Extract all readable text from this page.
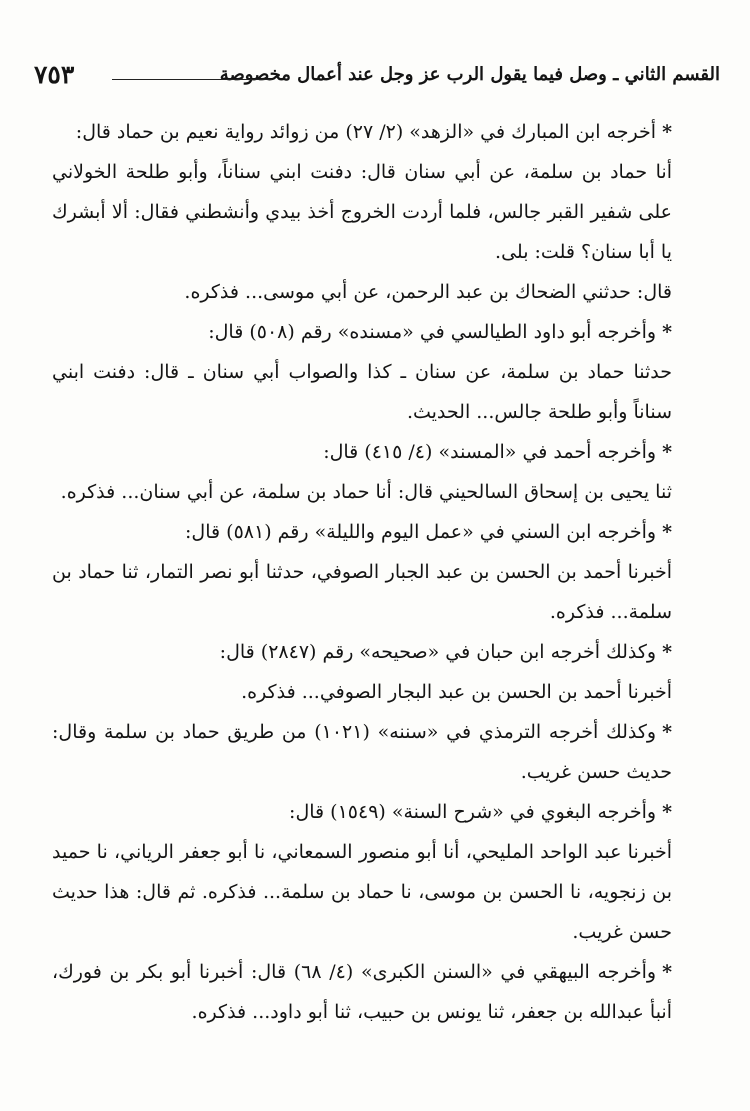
القسم الثاني ـ وصل فيما يقول الرب عز وجل عند أعمال مخصوصة
٧٥٣

*أخرجه ابن المبارك في «الزهد» (٢/ ٢٧) من زوائد رواية نعيم بن حماد قال:

أنا حماد بن سلمة، عن أبي سنان قال: دفنت ابني سناناً، وأبو طلحة الخولاني على شفير القبر جالس، فلما أردت الخروج أخذ بيدي وأنشطني فقال: ألا أبشرك يا أبا سنان؟ قلت: بلى.

قال: حدثني الضحاك بن عبد الرحمن، عن أبي موسى... فذكره.

*وأخرجه أبو داود الطيالسي في «مسنده» رقم (٥٠٨) قال:

حدثنا حماد بن سلمة، عن سنان ـ كذا والصواب أبي سنان ـ قال: دفنت ابني سناناً وأبو طلحة جالس... الحديث.

*وأخرجه أحمد في «المسند» (٤/ ٤١٥) قال:

ثنا يحيى بن إسحاق السالحيني قال: أنا حماد بن سلمة، عن أبي سنان... فذكره.

*وأخرجه ابن السني في «عمل اليوم والليلة» رقم (٥٨١) قال:

أخبرنا أحمد بن الحسن بن عبد الجبار الصوفي، حدثنا أبو نصر التمار، ثنا حماد بن سلمة... فذكره.

*وكذلك أخرجه ابن حبان في «صحيحه» رقم (٢٨٤٧) قال:

أخبرنا أحمد بن الحسن بن عبد البجار الصوفي... فذكره.

*وكذلك أخرجه الترمذي في «سننه» (١٠٢١) من طريق حماد بن سلمة وقال: حديث حسن غريب.

*وأخرجه البغوي في «شرح السنة» (١٥٤٩) قال:

أخبرنا عبد الواحد المليحي، أنا أبو منصور السمعاني، نا أبو جعفر الرياني، نا حميد بن زنجويه، نا الحسن بن موسى، نا حماد بن سلمة... فذكره. ثم قال: هذا حديث حسن غريب.

*وأخرجه البيهقي في «السنن الكبرى» (٤/ ٦٨) قال: أخبرنا أبو بكر بن فورك، أنبأ عبدالله بن جعفر، ثنا يونس بن حبيب، ثنا أبو داود... فذكره.
